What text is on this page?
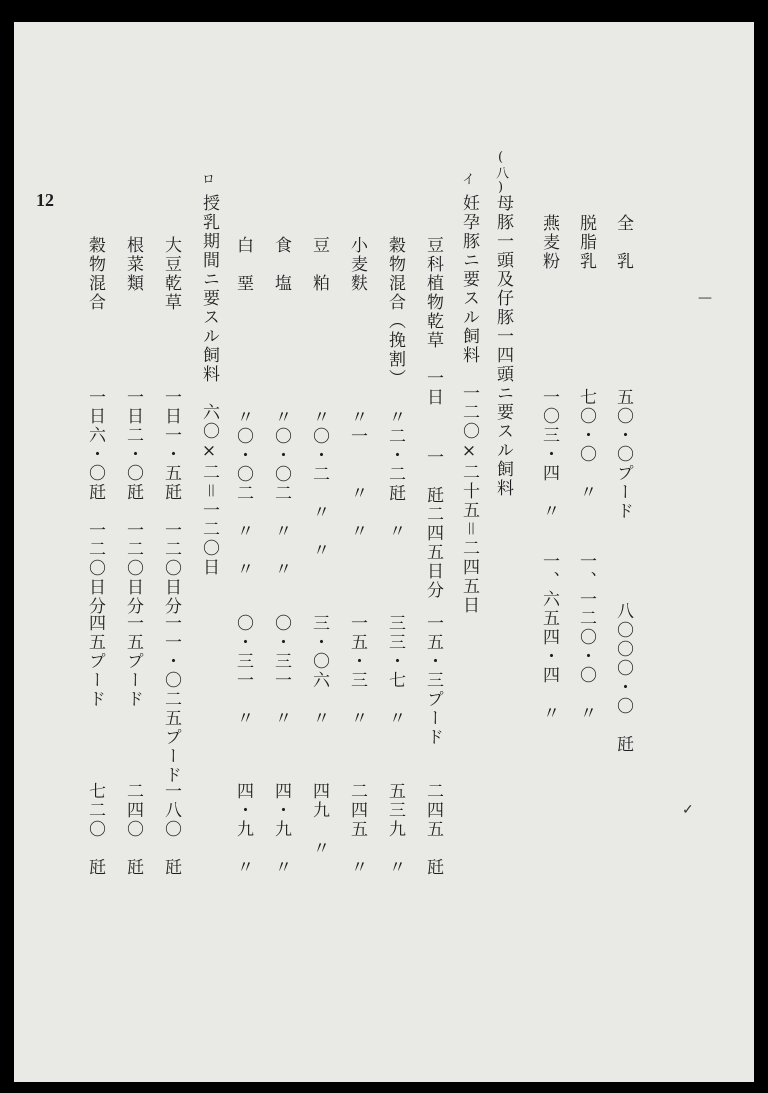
12
全　乳
五〇・〇プード
八〇〇〇・〇　瓩
脱脂乳
七〇・〇　〃
一、一二〇・〇　〃
燕麦粉
一〇三・四　〃
一、六五四・四　〃
(八)
母豚一頭及仔豚一四頭ニ要スル飼料
イ
妊孕豚ニ要スル飼料　一二〇×二十五＝二四五日
豆科植物乾草　一日
一　瓩二四五日分
一五・三プード
二四五　瓩
穀物混合（挽割）
〃二・二瓩　〃
三三・七　〃
五三九　〃
小麦麩
〃一　　〃　〃
一五・三　〃
二四五　〃
豆　粕
〃〇・二　〃　〃
三・〇六　〃
四九　〃
食　塩
〃〇・〇二　〃　〃
〇・三一　〃
四・九　〃
白　堊
〃〇・〇二　〃　〃
〇・三一　〃
四・九　〃
ロ
授乳期間ニ要スル飼料　六〇×二＝一二〇日
大豆乾草
一日一・五瓩　一二〇日分
一一・〇二五プード
一八〇　瓩
根菜類
一日二・〇瓩　一二〇日分
一五プード
二四〇　瓩
穀物混合
一日六・〇瓩　一二〇日分
四五プード
七二〇　瓩
—
✓
